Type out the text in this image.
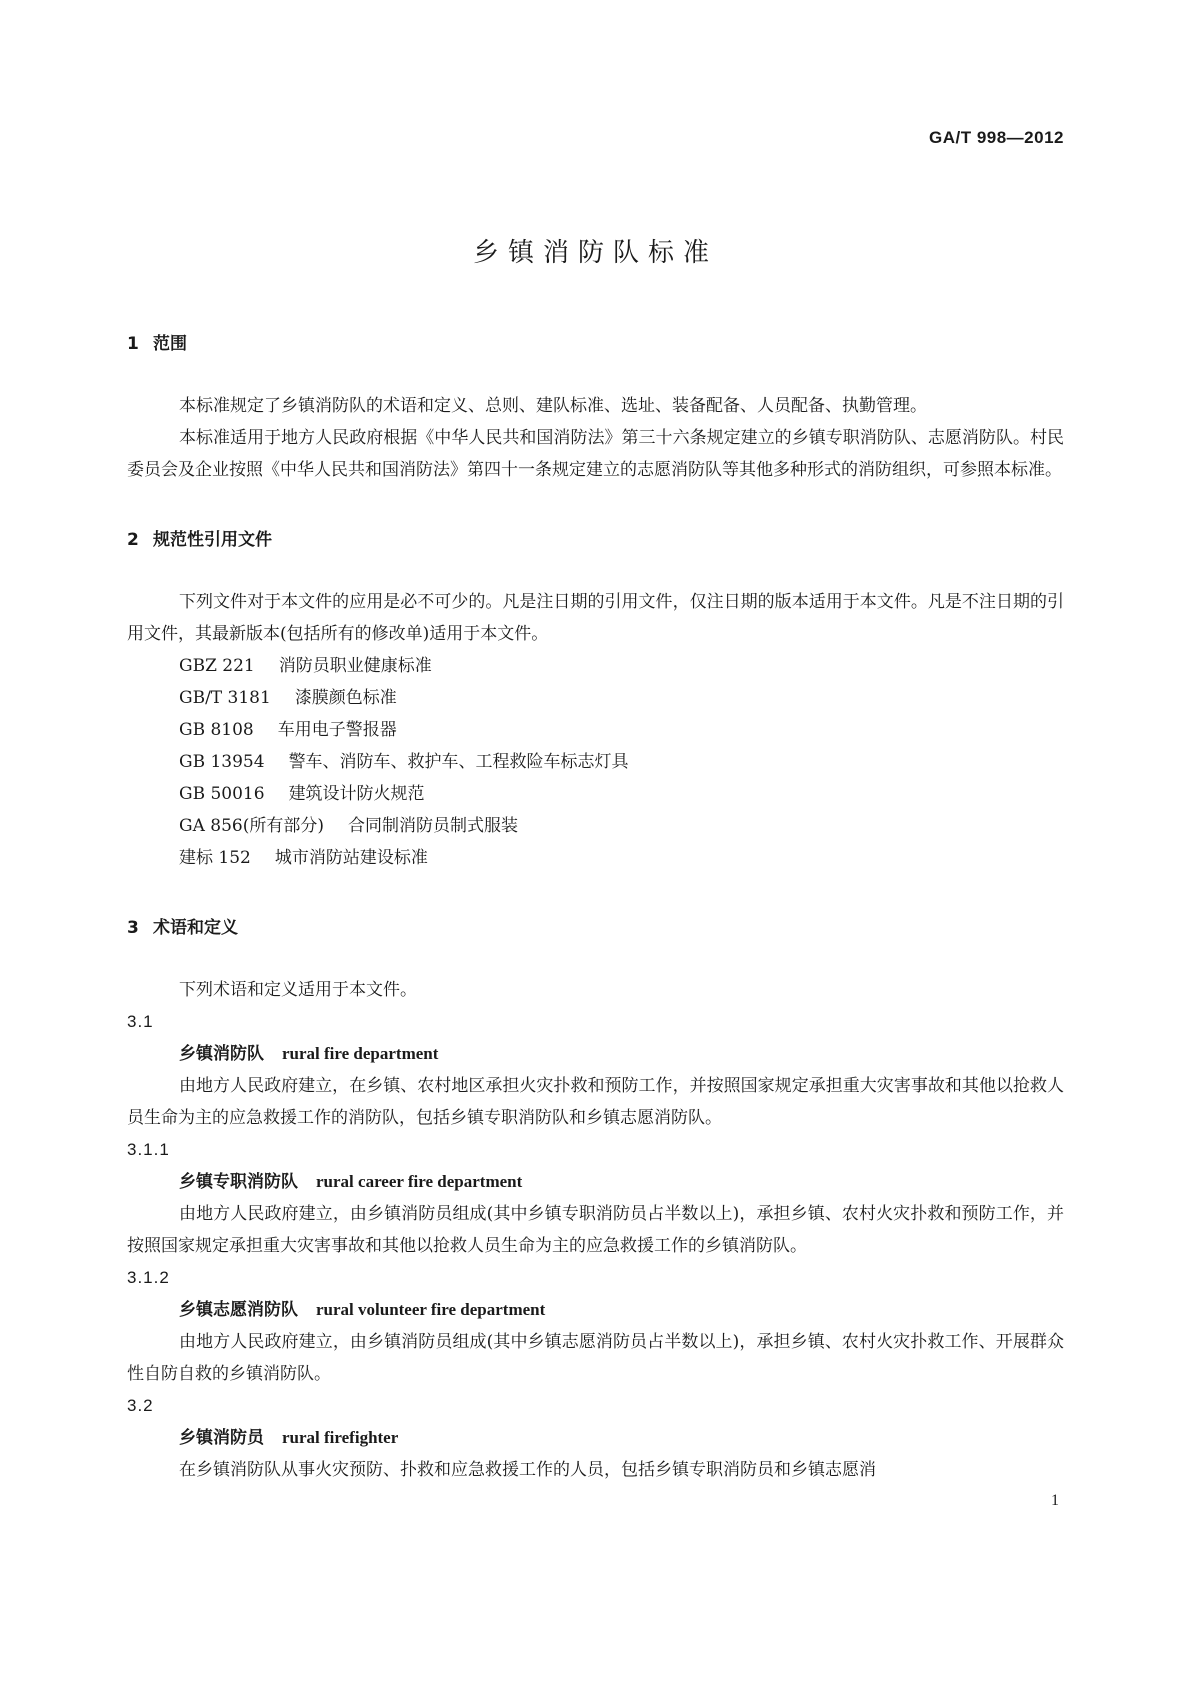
GA/T 998—2012
乡镇消防队标准
1 范围

本标准规定了乡镇消防队的术语和定义、总则、建队标准、选址、装备配备、人员配备、执勤管理。

本标准适用于地方人民政府根据《中华人民共和国消防法》第三十六条规定建立的乡镇专职消防队、志愿消防队。村民委员会及企业按照《中华人民共和国消防法》第四十一条规定建立的志愿消防队等其他多种形式的消防组织，可参照本标准。

2 规范性引用文件

下列文件对于本文件的应用是必不可少的。凡是注日期的引用文件，仅注日期的版本适用于本文件。凡是不注日期的引用文件，其最新版本(包括所有的修改单)适用于本文件。

GBZ 221 消防员职业健康标准
GB/T 3181 漆膜颜色标准
GB 8108 车用电子警报器
GB 13954 警车、消防车、救护车、工程救险车标志灯具
GB 50016 建筑设计防火规范
GA 856(所有部分) 合同制消防员制式服装
建标 152 城市消防站建设标准
3 术语和定义

下列术语和定义适用于本文件。

3.1
乡镇消防队 rural fire department

由地方人民政府建立，在乡镇、农村地区承担火灾扑救和预防工作，并按照国家规定承担重大灾害事故和其他以抢救人员生命为主的应急救援工作的消防队，包括乡镇专职消防队和乡镇志愿消防队。

3.1.1
乡镇专职消防队 rural career fire department

由地方人民政府建立，由乡镇消防员组成(其中乡镇专职消防员占半数以上)，承担乡镇、农村火灾扑救和预防工作，并按照国家规定承担重大灾害事故和其他以抢救人员生命为主的应急救援工作的乡镇消防队。

3.1.2
乡镇志愿消防队 rural volunteer fire department

由地方人民政府建立，由乡镇消防员组成(其中乡镇志愿消防员占半数以上)，承担乡镇、农村火灾扑救工作、开展群众性自防自救的乡镇消防队。

3.2
乡镇消防员 rural firefighter

在乡镇消防队从事火灾预防、扑救和应急救援工作的人员，包括乡镇专职消防员和乡镇志愿消

1
